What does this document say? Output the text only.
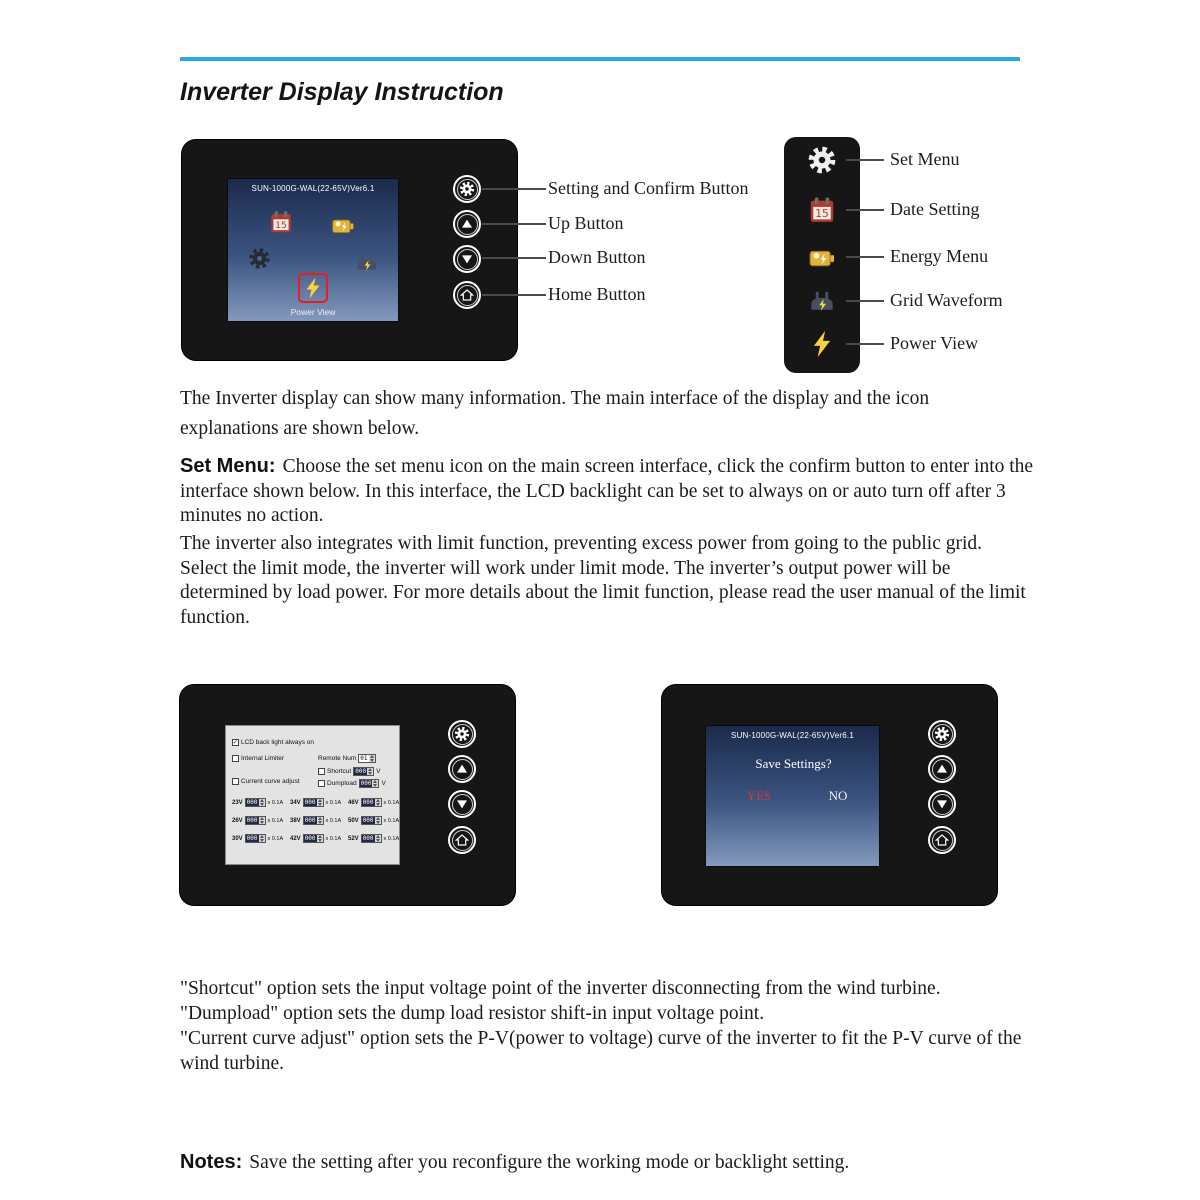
Inverter Display Instruction
SUN-1000G-WAL(22-65V)Ver6.1
Power View
Setting and Confirm Button
Up Button
Down Button
Home Button
Set Menu
Date Setting
Energy Menu
Grid Waveform
Power View
The Inverter display can show many information. The main interface of the display and the icon explanations are shown below.
Set Menu: Choose the set menu icon on the main screen interface, click the confirm button to enter into the interface shown below. In this interface, the LCD backlight can be set to always on or auto turn off after 3 minutes no action.
The inverter also integrates with limit function, preventing excess power from going to the public grid. Select the limit mode, the inverter will work under limit mode. The inverter’s output power will be determined by load power. For more details about the limit function, please read the user manual of the limit function.
✓ LCD back light always on
Internal Limiter	Remote Num 01
Shortcut 000 V
Current curve adjust	Dumpload 000 V
23V 000 x 0.1A 34V 000 x 0.1A 46V 000 x 0.1A
26V 000 x 0.1A 38V 000 x 0.1A 50V 000 x 0.1A
30V 000 x 0.1A 42V 000 x 0.1A 52V 000 x 0.1A
SUN-1000G-WAL(22-65V)Ver6.1
Save Settings?
YES	NO
"Shortcut" option sets the input voltage point of the inverter disconnecting from the wind turbine.
"Dumpload" option sets the dump load resistor shift-in input voltage point.
"Current curve adjust" option sets the P-V(power to voltage) curve of the inverter to fit the P-V curve of the wind turbine.
Notes: Save the setting after you reconfigure the working mode or backlight setting.
